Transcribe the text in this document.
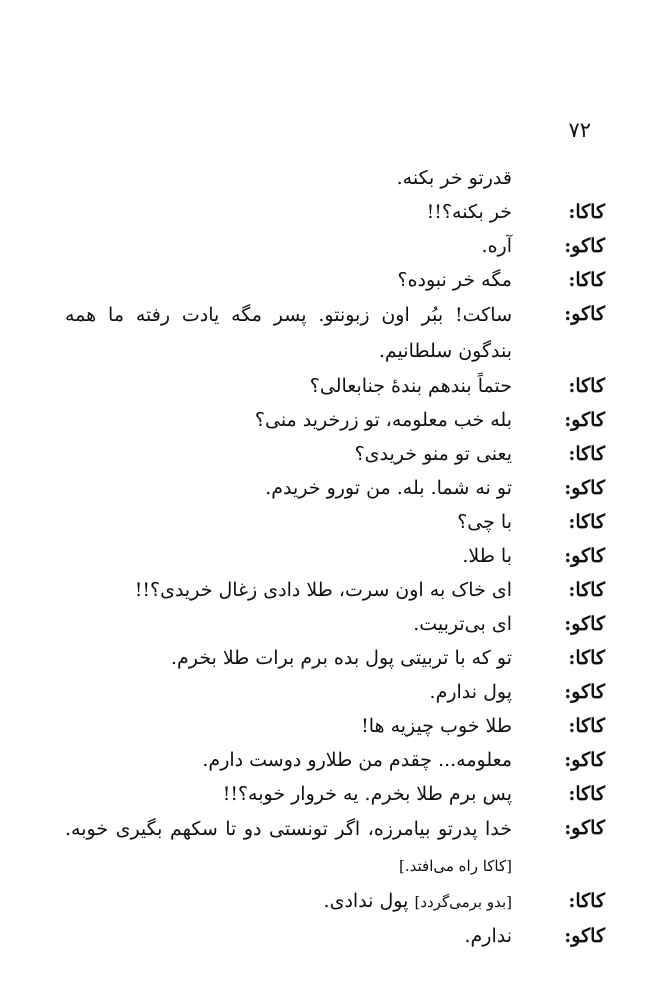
۷۲
قدرتو خر بکنه.
کاکا:
خر بکنه؟!!
کاکو:
آره.
کاکا:
مگه خر نبوده؟
کاکو:
ساکت! ببُر اون زبونتو. پسر مگه یادت رفته ما همه بندگون سلطانیم.
کاکا:
حتماً بندهم بندهٔ جنابعالی؟
کاکو:
بله خب معلومه، تو زرخرید منی؟
کاکا:
یعنی تو منو خریدی؟
کاکو:
تو نه شما. بله. من تورو خریدم.
کاکا:
با چی؟
کاکو:
با طلا.
کاکا:
ای خاک به اون سرت، طلا دادی زغال خریدی؟!!
کاکو:
ای بی‌تربیت.
کاکا:
تو که با تربیتی پول بده برم برات طلا بخرم.
کاکو:
پول ندارم.
کاکا:
طلا خوب چیزیه ها!
کاکو:
معلومه... چقدم من طلارو دوست دارم.
کاکا:
پس برم طلا بخرم. یه خروار خوبه؟!!
کاکو:
خدا پدرتو بیامرزه، اگر تونستی دو تا سکهم بگیری خوبه. [کاکا راه می‌افتد.]
کاکا:
[بدو برمی‌گردد] پول ندادی.
کاکو:
ندارم.
